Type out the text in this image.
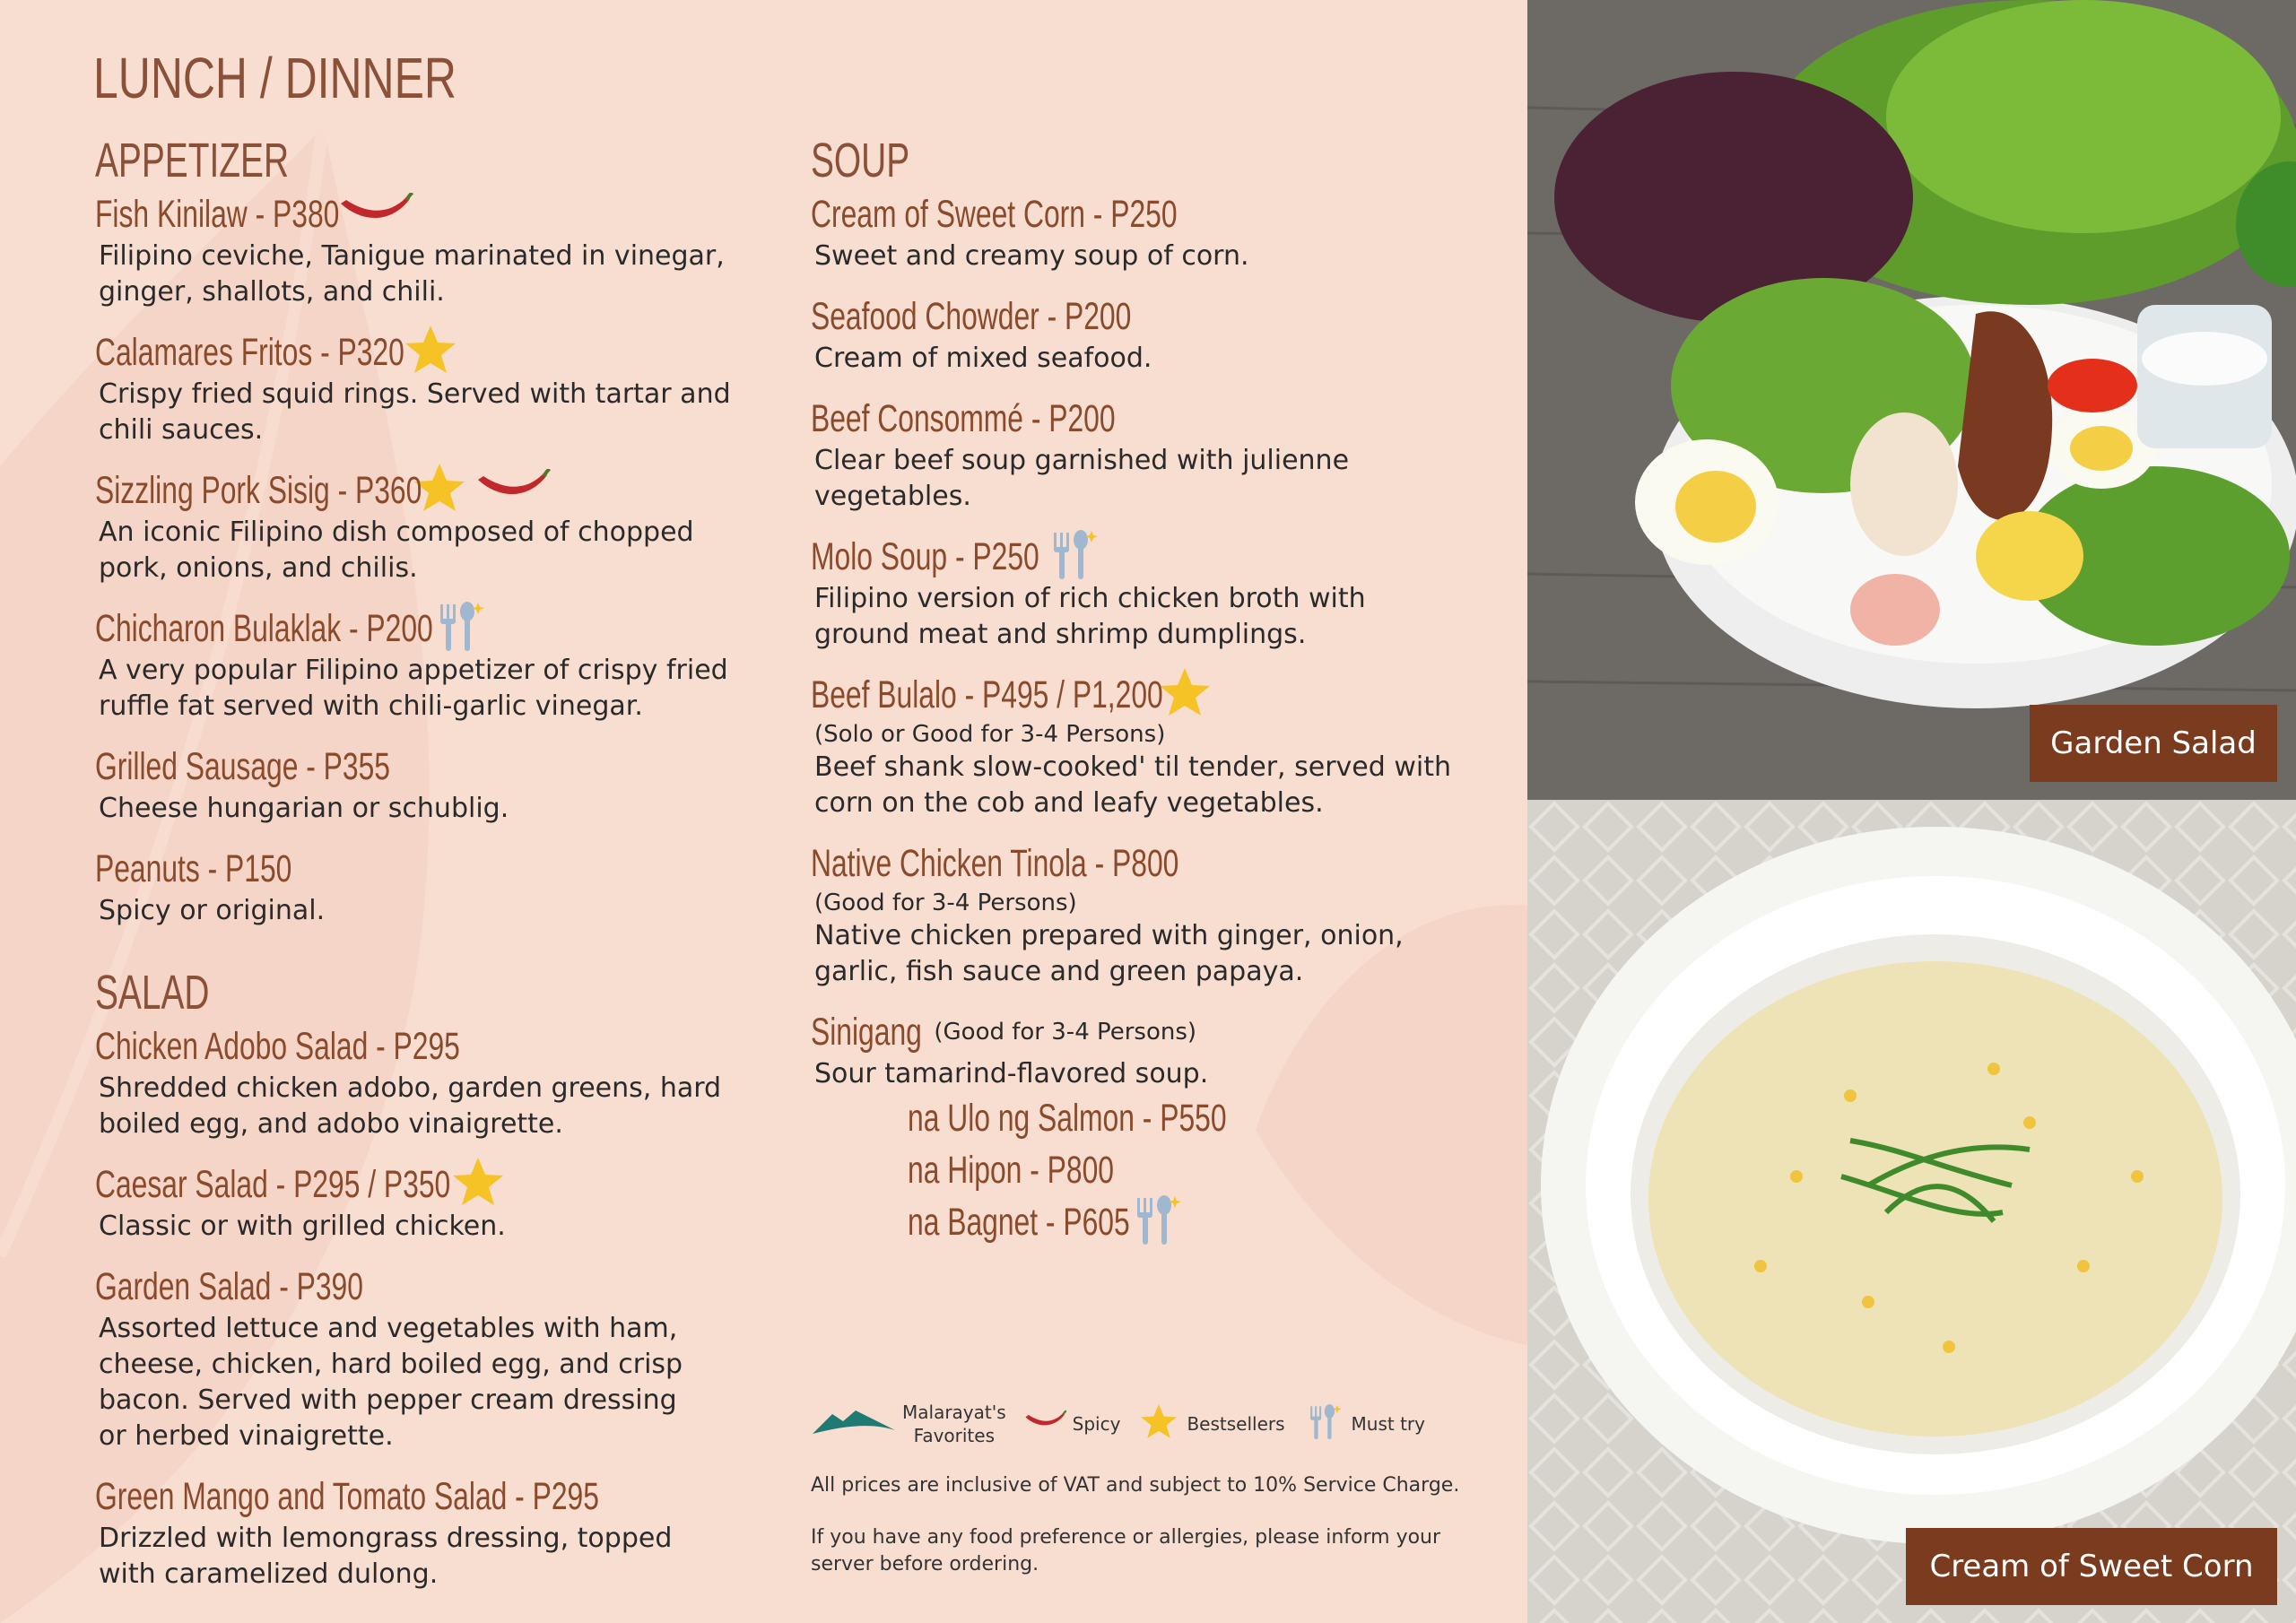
LUNCH / DINNER
APPETIZER
Fish Kinilaw - P380
Filipino ceviche, Tanigue marinated in vinegar,
ginger, shallots, and chili.
Calamares Fritos - P320
Crispy fried squid rings. Served with tartar and
chili sauces.
Sizzling Pork Sisig - P360
An iconic Filipino dish composed of chopped
pork, onions, and chilis.
Chicharon Bulaklak - P200
A very popular Filipino appetizer of crispy fried
ruffle fat served with chili-garlic vinegar.
Grilled Sausage - P355
Cheese hungarian or schublig.
Peanuts - P150
Spicy or original.
SALAD
Chicken Adobo Salad - P295
Shredded chicken adobo, garden greens, hard
boiled egg, and adobo vinaigrette.
Caesar Salad - P295 / P350
Classic or with grilled chicken.
Garden Salad - P390
Assorted lettuce and vegetables with ham,
cheese, chicken, hard boiled egg, and crisp
bacon. Served with pepper cream dressing
or herbed vinaigrette.
Green Mango and Tomato Salad - P295
Drizzled with lemongrass dressing, topped
with caramelized dulong.
SOUP
Cream of Sweet Corn - P250
Sweet and creamy soup of corn.
Seafood Chowder - P200
Cream of mixed seafood.
Beef Consommé - P200
Clear beef soup garnished with julienne
vegetables.
Molo Soup - P250
Filipino version of rich chicken broth with
ground meat and shrimp dumplings.
Beef Bulalo - P495 / P1,200
(Solo or Good for 3-4 Persons)
Beef shank slow-cooked' til tender, served with
corn on the cob and leafy vegetables.
Native Chicken Tinola - P800
(Good for 3-4 Persons)
Native chicken prepared with ginger, onion,
garlic, fish sauce and green papaya.
Sinigang (Good for 3-4 Persons)
Sour tamarind-flavored soup.
na Ulo ng Salmon - P550
na Hipon - P800
na Bagnet - P605
Malarayat's
Favorites
Spicy	Bestsellers	Must try
All prices are inclusive of VAT and subject to 10% Service Charge.
If you have any food preference or allergies, please inform your
server before ordering.
Garden Salad
Cream of Sweet Corn
